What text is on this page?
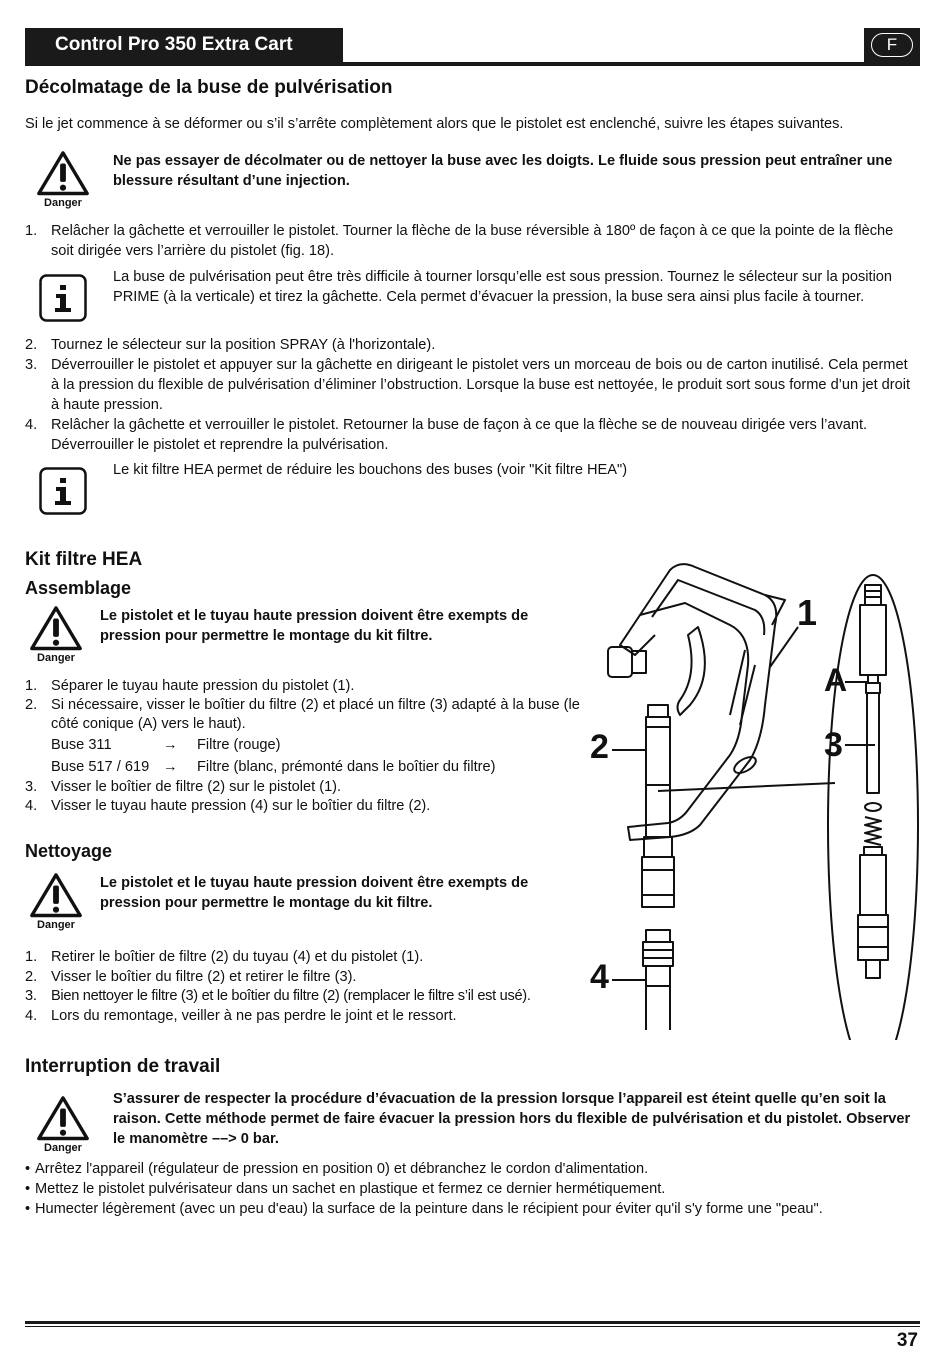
Control Pro 350 Extra Cart	F
Décolmatage de la buse de pulvérisation

Si le jet commence à se déformer ou s’il s’arrête complètement alors que le pistolet est enclenché, suivre les étapes suivantes.

Danger

Ne pas essayer de décolmater ou de nettoyer la buse avec les doigts. Le fluide sous pression peut entraîner une blessure résultant d’une injection.

1. Relâcher la gâchette et verrouiller le pistolet. Tourner la flèche de la buse réversible à 180º de façon à ce que la pointe de la flèche soit dirigée vers l’arrière du pistolet (fig. 18).

La buse de pulvérisation peut être très difficile à tourner lorsqu’elle est sous pression. Tournez le sélecteur sur la position PRIME (à la verticale) et tirez la gâchette. Cela permet d’évacuer la pression, la buse sera ainsi plus facile à tourner.

2. Tournez le sélecteur sur la position SPRAY (à l'horizontale).
3. Déverrouiller le pistolet et appuyer sur la gâchette en dirigeant le pistolet vers un morceau de bois ou de carton inutilisé. Cela permet à la pression du flexible de pulvérisation d’éliminer l’obstruction. Lorsque la buse est nettoyée, le produit sort sous forme d’un jet droit à haute pression.
4. Relâcher la gâchette et verrouiller le pistolet. Retourner la buse de façon à ce que la flèche se de nouveau dirigée vers l’avant. Déverrouiller le pistolet et reprendre la pulvérisation.

Le kit filtre HEA permet de réduire les bouchons des buses (voir "Kit filtre HEA")

Kit filtre HEA
Assemblage
Danger

Le pistolet et le tuyau haute pression doivent être exempts de pression pour permettre le montage du kit filtre.

1. Séparer le tuyau haute pression du pistolet (1).
2. Si nécessaire, visser le boîtier du filtre (2) et placé un filtre (3) adapté à la buse (le côté conique (A) vers le haut).
Buse 311	→	Filtre (rouge)
Buse 517 / 619 →	Filtre (blanc, prémonté dans le boîtier du filtre)
3. Visser le boîtier de filtre (2) sur le pistolet (1).
4. Visser le tuyau haute pression (4) sur le boîtier du filtre (2).
Nettoyage
Danger

Le pistolet et le tuyau haute pression doivent être exempts de pression pour permettre le montage du kit filtre.

1. Retirer le boîtier de filtre (2) du tuyau (4) et du pistolet (1).
2. Visser le boîtier du filtre (2) et retirer le filtre (3).
3. Bien nettoyer le filtre (3) et le boîtier du filtre (2) (remplacer le filtre s’il est usé).
4. Lors du remontage, veiller à ne pas perdre le joint et le ressort.
1
2	3
4
A
Interruption de travail
Danger

S’assurer de respecter la procédure d’évacuation de la pression lorsque l’appareil est éteint quelle qu’en soit la raison. Cette méthode permet de faire évacuer la pression hors du flexible de pulvérisation et du pistolet. Observer le manomètre ––> 0 bar.

• Arrêtez l'appareil (régulateur de pression en position 0) et débranchez le cordon d'alimentation.
• Mettez le pistolet pulvérisateur dans un sachet en plastique et fermez ce dernier hermétiquement.
• Humecter légèrement (avec un peu d'eau) la surface de la peinture dans le récipient pour éviter qu'il s'y forme une "peau".
37
